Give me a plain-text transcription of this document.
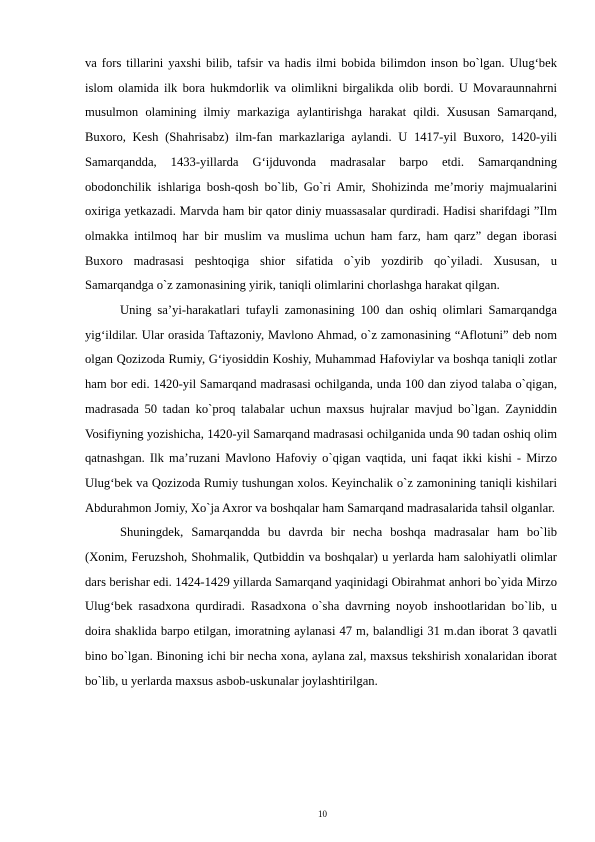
va fors tillarini yaxshi bilib, tafsir va hadis ilmi bobida bilimdon inson bo`lgan. Ulug‘bek islom olamida ilk bora hukmdorlik va olimlikni birgalikda olib bordi. U Movaraunnahrni musulmon olamining ilmiy markaziga aylantirishga harakat qildi. Xususan Samarqand, Buxoro, Kesh (Shahrisabz) ilm-fan markazlariga aylandi. U 1417-yil Buxoro, 1420-yili Samarqandda, 1433-yillarda G‘ijduvonda madrasalar barpo etdi. Samarqandning obodonchilik ishlariga bosh-qosh bo`lib, Go`ri Amir, Shohizinda me’moriy majmualarini oxiriga yetkazadi. Marvda ham bir qator diniy muassasalar qurdiradi. Hadisi sharifdagi ”Ilm olmakka intilmoq har bir muslim va muslima uchun ham farz, ham qarz” degan iborasi Buxoro madrasasi peshtoqiga shior sifatida o`yib yozdirib qo`yiladi. Xususan, u Samarqandga o`z zamonasining yirik, taniqli olimlarini chorlashga harakat qilgan.

Uning sa’yi-harakatlari tufayli zamonasining 100 dan oshiq olimlari Samarqandga yig‘ildilar. Ular orasida Taftazoniy, Mavlono Ahmad, o`z zamonasining “Aflotuni” deb nom olgan Qozizoda Rumiy, G‘iyosiddin Koshiy, Muhammad Hafoviylar va boshqa taniqli zotlar ham bor edi. 1420-yil Samarqand madrasasi ochilganda, unda 100 dan ziyod talaba o`qigan, madrasada 50 tadan ko`proq talabalar uchun maxsus hujralar mavjud bo`lgan. Zayniddin Vosifiyning yozishicha, 1420-yil Samarqand madrasasi ochilganida unda 90 tadan oshiq olim qatnashgan. Ilk ma’ruzani Mavlono Hafoviy o`qigan vaqtida, uni faqat ikki kishi - Mirzo Ulug‘bek va Qozizoda Rumiy tushungan xolos. Keyinchalik o`z zamonining taniqli kishilari Abdurahmon Jomiy, Xo`ja Axror va boshqalar ham Samarqand madrasalarida tahsil olganlar.

Shuningdek, Samarqandda bu davrda bir necha boshqa madrasalar ham bo`lib (Xonim, Feruzshoh, Shohmalik, Qutbiddin va boshqalar) u yerlarda ham salohiyatli olimlar dars berishar edi. 1424-1429 yillarda Samarqand yaqinidagi Obirahmat anhori bo`yida Mirzo Ulug‘bek rasadxona qurdiradi. Rasadxona o`sha davrning noyob inshootlaridan bo`lib, u doira shaklida barpo etilgan, imoratning aylanasi 47 m, balandligi 31 m.dan iborat 3 qavatli bino bo`lgan. Binoning ichi bir necha xona, aylana zal, maxsus tekshirish xonalaridan iborat bo`lib, u yerlarda maxsus asbob-uskunalar joylashtirilgan.

10
